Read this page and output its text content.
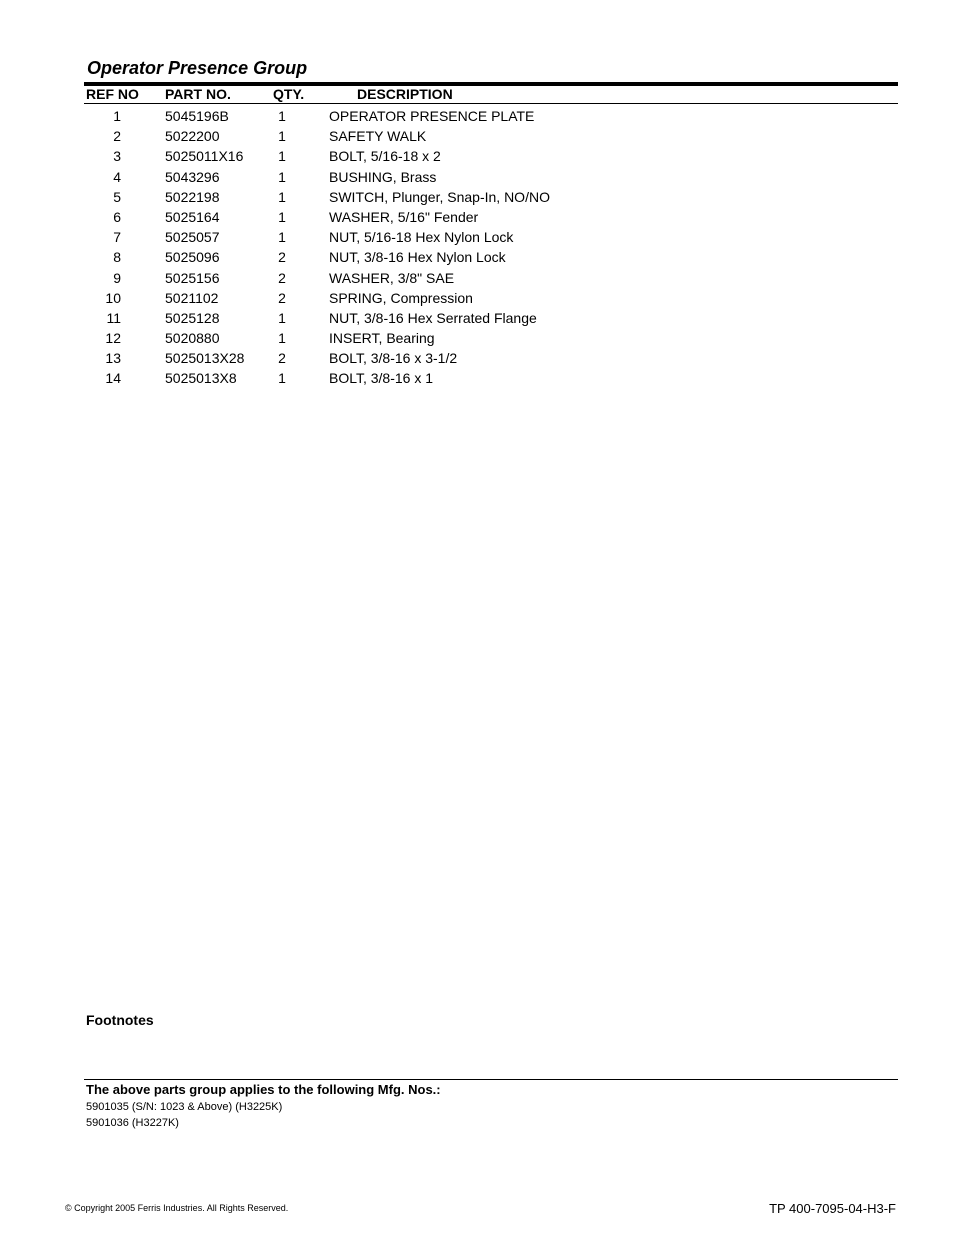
Operator Presence Group
REF NO PART NO.	QTY.	DESCRIPTION
1	5045196B	1	OPERATOR PRESENCE PLATE
2	5022200	1	SAFETY WALK
3	5025011X16	1	BOLT, 5/16-18 x 2
4	5043296	1	BUSHING, Brass
5	5022198	1	SWITCH, Plunger, Snap-In, NO/NO
6	5025164	1	WASHER, 5/16" Fender
7	5025057	1	NUT, 5/16-18 Hex Nylon Lock
8	5025096	2	NUT, 3/8-16 Hex Nylon Lock
9	5025156	2	WASHER, 3/8" SAE
10	5021102	2	SPRING, Compression
11	5025128	1	NUT, 3/8-16 Hex Serrated Flange
12	5020880	1	INSERT, Bearing
13	5025013X28	2	BOLT, 3/8-16 x 3-1/2
14	5025013X8	1	BOLT, 3/8-16 x 1
Footnotes
The above parts group applies to the following Mfg. Nos.:
5901035 (S/N: 1023 & Above) (H3225K)
5901036 (H3227K)
© Copyright 2005 Ferris Industries. All Rights Reserved.	TP 400-7095-04-H3-F
